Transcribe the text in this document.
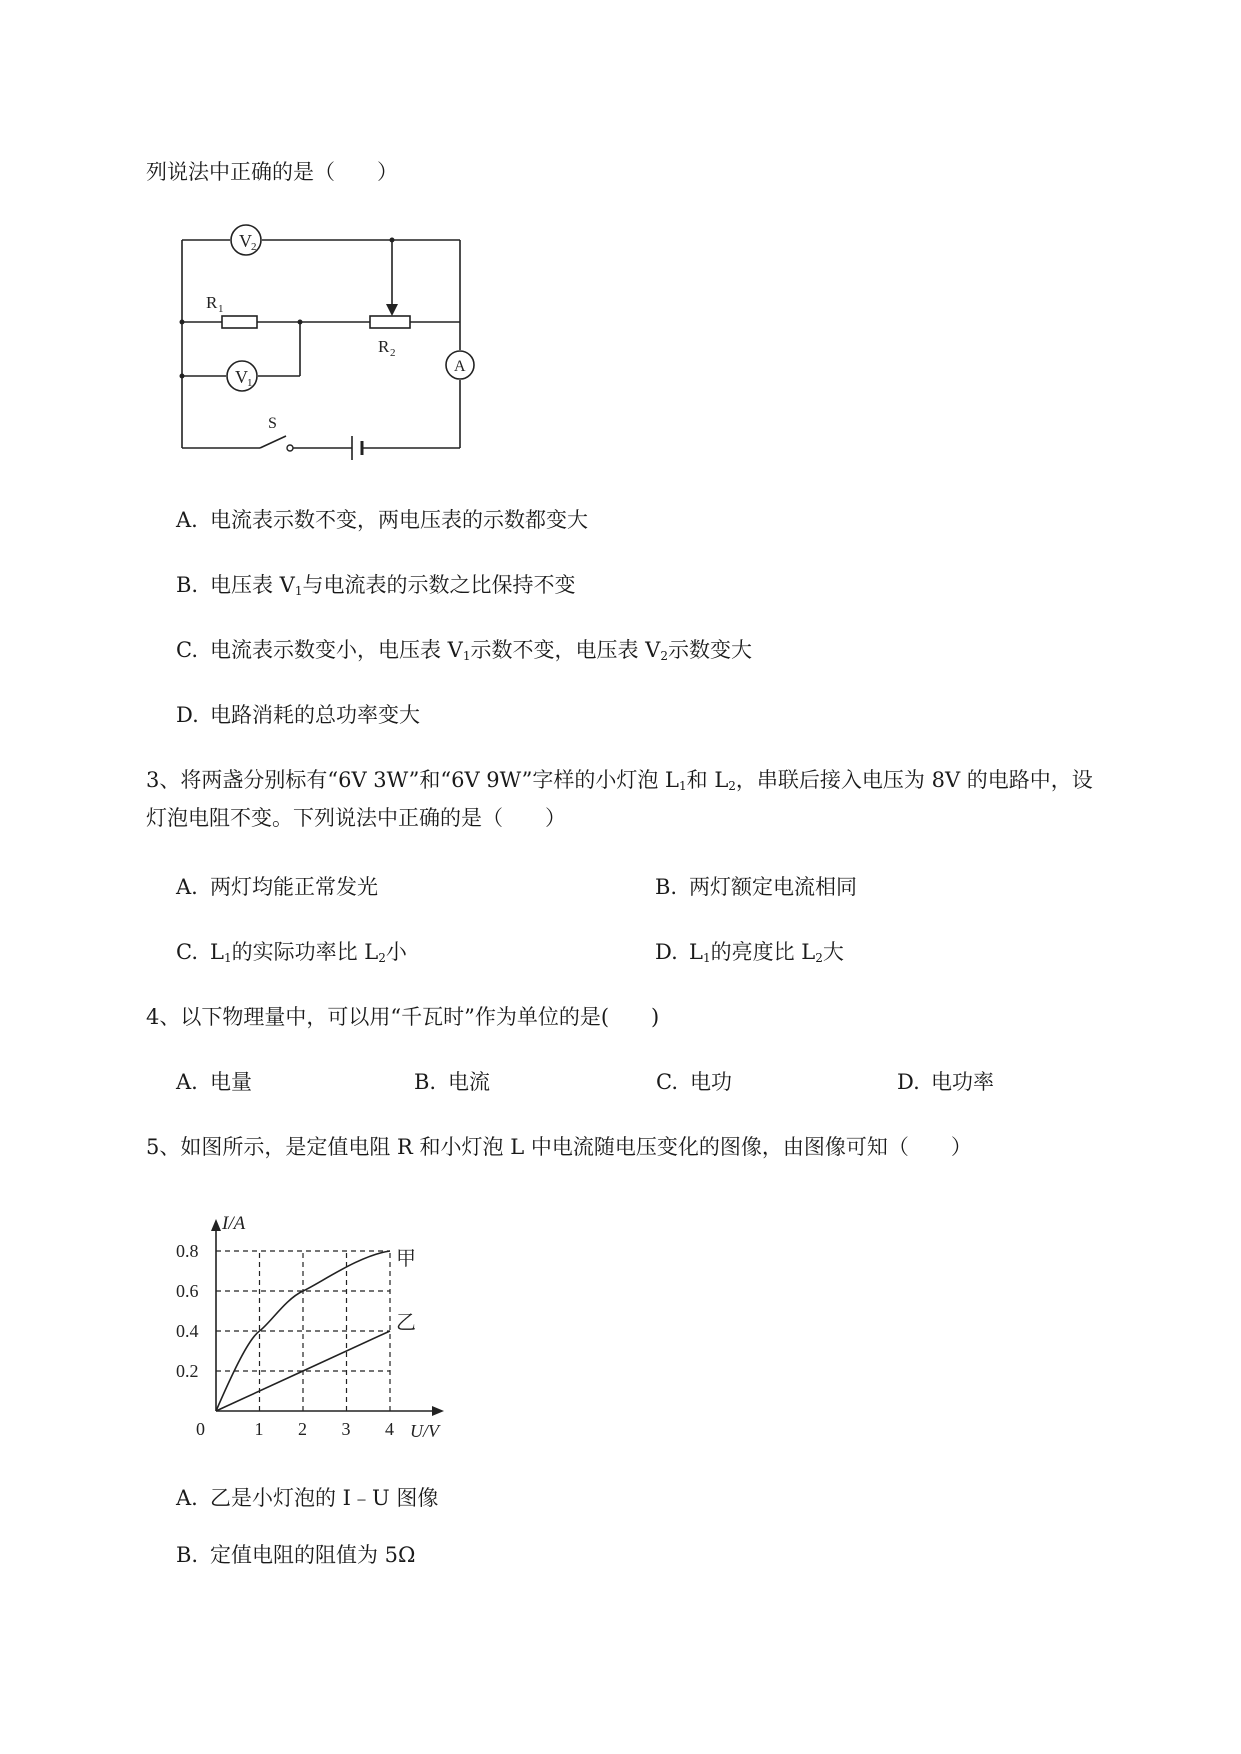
列说法中正确的是（　　）
V 2
V 1
A
R 1
R 2
S
A. 电流表示数不变，两电压表的示数都变大
B. 电压表 $V_1$与电流表的示数之比保持不变
C. 电流表示数变小，电压表 $V_1$示数不变，电压表 $V_2$示数变大
D. 电路消耗的总功率变大
3、将两盏分别标有“6V 3W”和“6V 9W”字样的小灯泡 $L_1$和 $L_2$，串联后接入电压为 8V 的电路中，设
灯泡电阻不变。下列说法中正确的是（　　）
A. 两灯均能正常发光	B. 两灯额定电流相同
C. $L_1$的实际功率比 $L_2$小	D. $L_1$的亮度比 $L_2$大
4、以下物理量中，可以用“千瓦时”作为单位的是(　　)
A. 电量	B. 电流	C. 电功	D. 电功率
5、如图所示，是定值电阻 R 和小灯泡 L 中电流随电压变化的图像，由图像可知（　　）
1 2 3 4
0.2
0.4
0.6
0.8
0
I/A
U/V
甲
乙
A. 乙是小灯泡的 I﹣U 图像
B. 定值电阻的阻值为 5Ω
